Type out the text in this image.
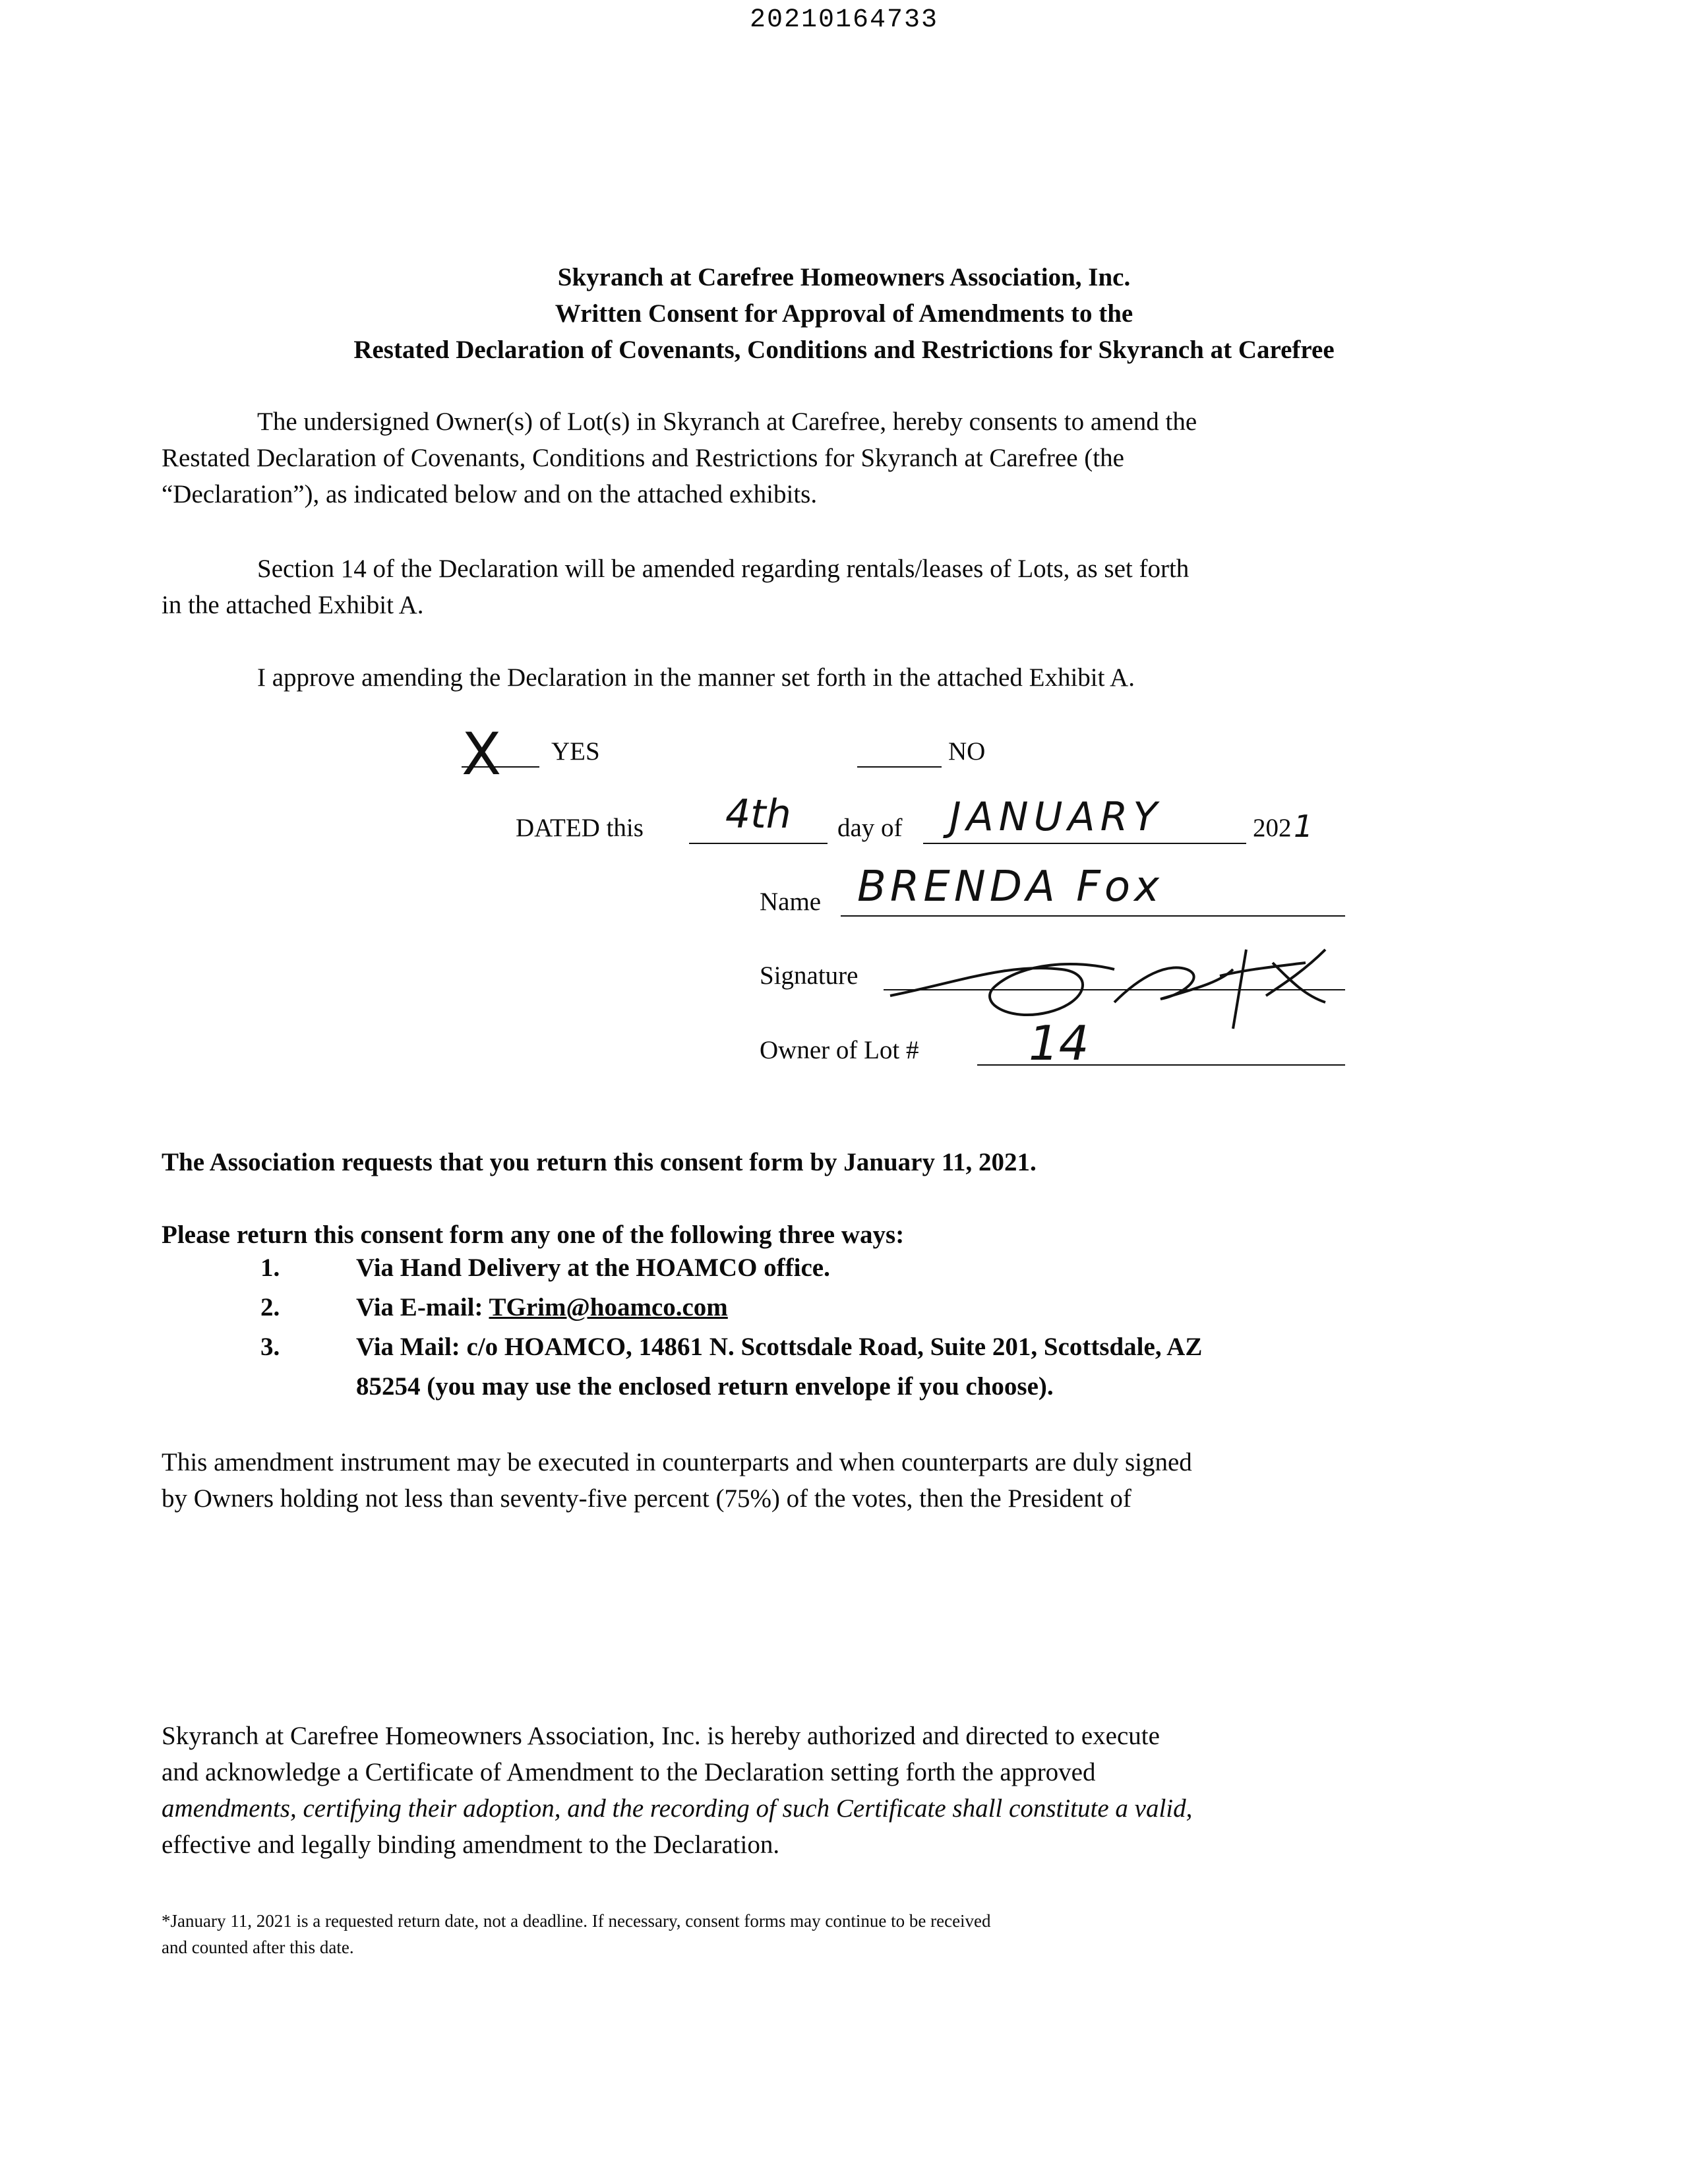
20210164733
Skyranch at Carefree Homeowners Association, Inc.
Written Consent for Approval of Amendments to the
Restated Declaration of Covenants, Conditions and Restrictions for Skyranch at Carefree
The undersigned Owner(s) of Lot(s) in Skyranch at Carefree, hereby consents to amend the
Restated Declaration of Covenants, Conditions and Restrictions for Skyranch at Carefree (the
“Declaration”), as indicated below and on the attached exhibits.
Section 14 of the Declaration will be amended regarding rentals/leases of Lots, as set forth
in the attached Exhibit A.
I approve amending the Declaration in the manner set forth in the attached Exhibit A.
X YES	NO
DATED this 4th day of JANUARY	202 1
Name BRENDA Fox
Signature
Owner of Lot # 14
The Association requests that you return this consent form by January 11, 2021.
Please return this consent form any one of the following three ways:
1.	Via Hand Delivery at the HOAMCO office.
2.	Via E-mail: TGrim@hoamco.com
3.	Via Mail: c/o HOAMCO, 14861 N. Scottsdale Road, Suite 201, Scottsdale, AZ
85254 (you may use the enclosed return envelope if you choose).
This amendment instrument may be executed in counterparts and when counterparts are duly signed
by Owners holding not less than seventy-five percent (75%) of the votes, then the President of
Skyranch at Carefree Homeowners Association, Inc. is hereby authorized and directed to execute
and acknowledge a Certificate of Amendment to the Declaration setting forth the approved
amendments, certifying their adoption, and the recording of such Certificate shall constitute a valid,
effective and legally binding amendment to the Declaration.
*January 11, 2021 is a requested return date, not a deadline. If necessary, consent forms may continue to be received
and counted after this date.
